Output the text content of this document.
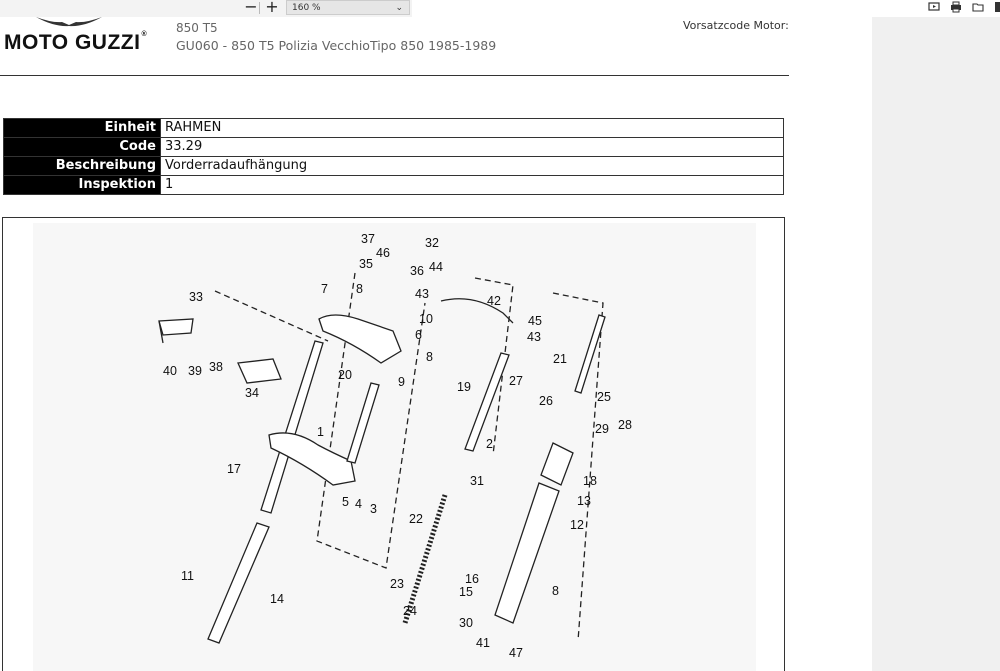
− +	160 %	⌄
MOTO GUZZI® 850 T5
GU060 - 850 T5 Polizia VecchioTipo 850 1985-1989
Vorsatzcode Motor:
Einheit	RAHMEN
Code	33.29
Beschreibung	Vorderradaufhängung
Inspektion	1
37	32
46
36
35	44
43	42
45
43
8
7
10
6
33
40 39 38
34
8
20	9	27
19
21
26	25
29 28
2
1
17
5 4 3
31	18
13
12
22
11
14
23	16
15	8
24
30
41
47
